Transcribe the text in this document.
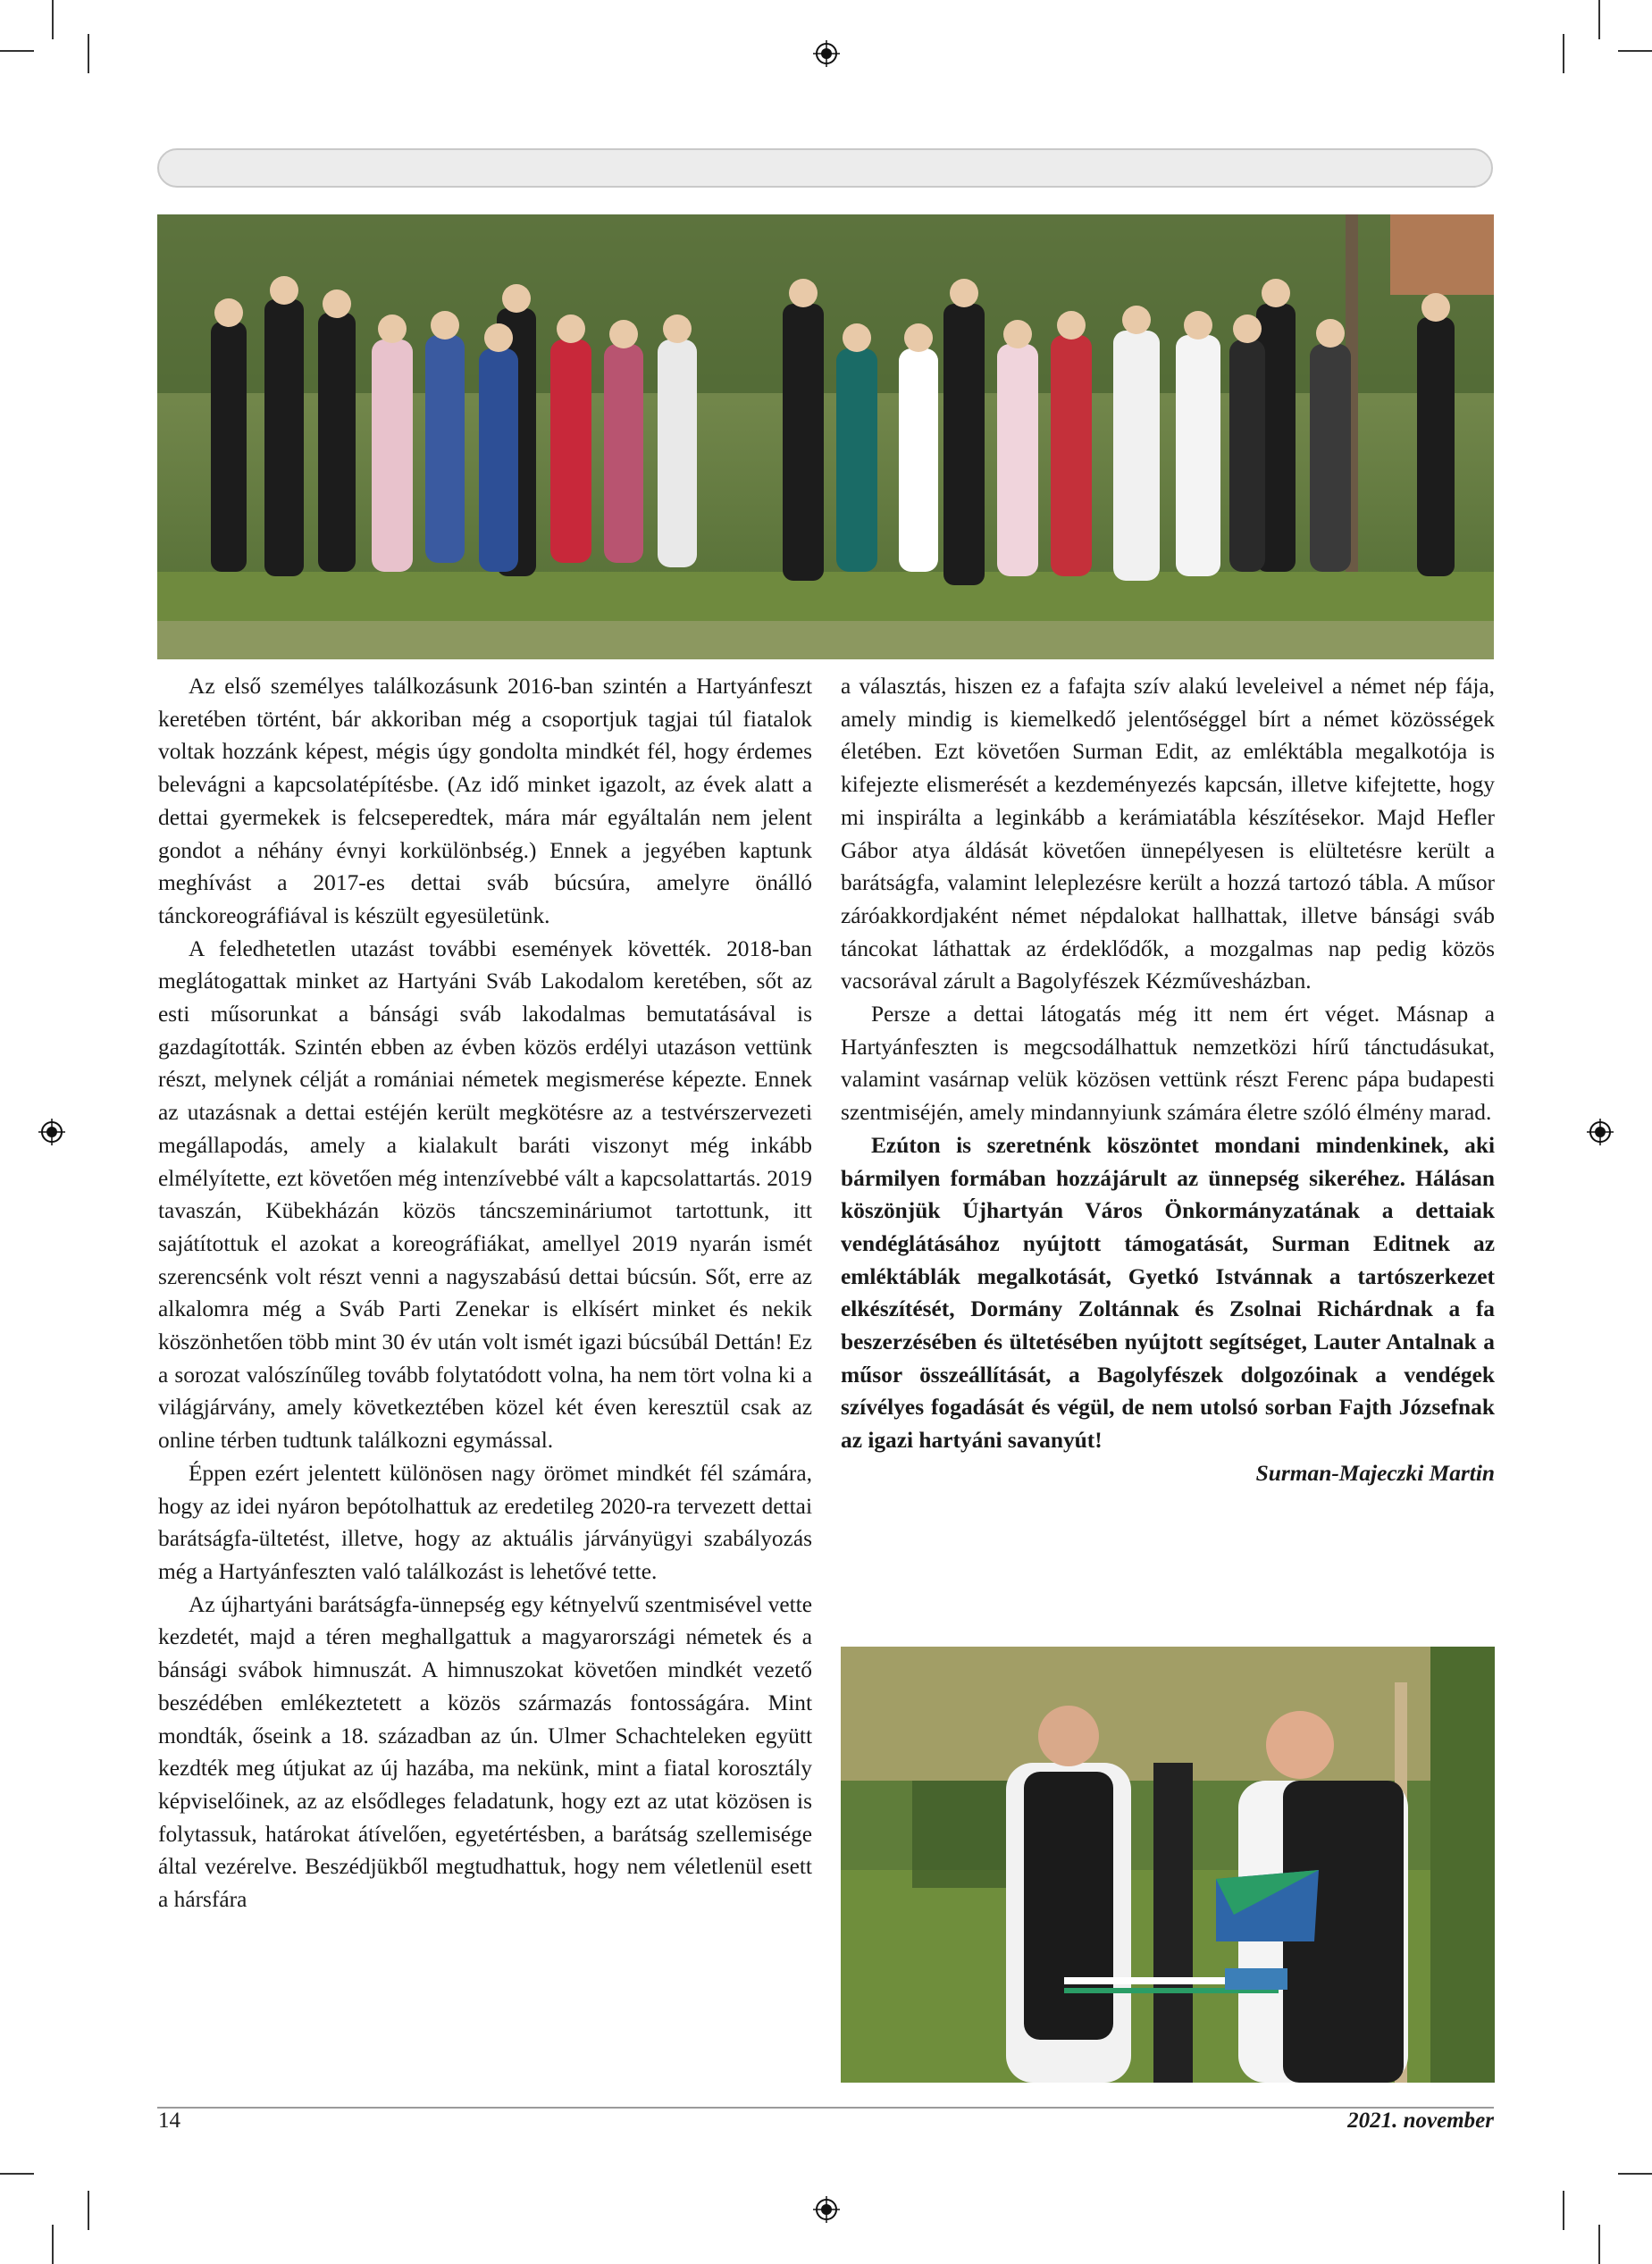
Az első személyes találkozásunk 2016-ban szintén a Hartyánfeszt keretében történt, bár akkoriban még a csoportjuk tagjai túl fiatalok voltak hozzánk képest, mégis úgy gondolta mindkét fél, hogy érdemes belevágni a kapcsolatépítésbe. (Az idő minket igazolt, az évek alatt a dettai gyermekek is felcseperedtek, mára már egyáltalán nem jelent gondot a néhány évnyi korkülönbség.) Ennek a jegyében kaptunk meghívást a 2017-es dettai sváb búcsúra, amelyre önálló tánckoreográfiával is készült egyesületünk.

A feledhetetlen utazást további események követték. 2018-ban meglátogattak minket az Hartyáni Sváb Lakodalom keretében, sőt az esti műsorunkat a bánsági sváb lakodalmas bemutatásával is gazdagították. Szintén ebben az évben közös erdélyi utazáson vettünk részt, melynek célját a romániai németek megismerése képezte. Ennek az utazásnak a dettai estéjén került megkötésre az a testvérszervezeti megállapodás, amely a kialakult baráti viszonyt még inkább elmélyítette, ezt követően még intenzívebbé vált a kapcsolattartás. 2019 tavaszán, Kübekházán közös táncszemináriumot tartottunk, itt sajátítottuk el azokat a koreográfiákat, amellyel 2019 nyarán ismét szerencsénk volt részt venni a nagyszabású dettai búcsún. Sőt, erre az alkalomra még a Sváb Parti Zenekar is elkísért minket és nekik köszönhetően több mint 30 év után volt ismét igazi búcsúbál Dettán! Ez a sorozat valószínűleg tovább folytatódott volna, ha nem tört volna ki a világjárvány, amely következtében közel két éven keresztül csak az online térben tudtunk találkozni egymással.

Éppen ezért jelentett különösen nagy örömet mindkét fél számára, hogy az idei nyáron bepótolhattuk az eredetileg 2020-ra tervezett dettai barátságfa-ültetést, illetve, hogy az aktuális járványügyi szabályozás még a Hartyánfeszten való találkozást is lehetővé tette.

Az újhartyáni barátságfa-ünnepség egy kétnyelvű szentmisével vette kezdetét, majd a téren meghallgattuk a magyarországi németek és a bánsági svábok himnuszát. A himnuszokat követően mindkét vezető beszédében emlékeztetett a közös származás fontosságára. Mint mondták, őseink a 18. században az ún. Ulmer Schachteleken együtt kezdték meg útjukat az új hazába, ma nekünk, mint a fiatal korosztály képviselőinek, az az elsődleges feladatunk, hogy ezt az utat közösen is folytassuk, határokat átívelően, egyetértésben, a barátság szellemisége által vezérelve. Beszédjükből megtudhattuk, hogy nem véletlenül esett a hársfára

a választás, hiszen ez a fafajta szív alakú leveleivel a német nép fája, amely mindig is kiemelkedő jelentőséggel bírt a német közösségek életében. Ezt követően Surman Edit, az emléktábla megalkotója is kifejezte elismerését a kezdeményezés kapcsán, illetve kifejtette, hogy mi inspirálta a leginkább a kerámiatábla készítésekor. Majd Hefler Gábor atya áldását követően ünnepélyesen is elültetésre került a barátságfa, valamint leleplezésre került a hozzá tartozó tábla. A műsor záróakkordjaként német népdalokat hallhattak, illetve bánsági sváb táncokat láthattak az érdeklődők, a mozgalmas nap pedig közös vacsorával zárult a Bagolyfészek Kézművesházban.

Persze a dettai látogatás még itt nem ért véget. Másnap a Hartyánfeszten is megcsodálhattuk nemzetközi hírű tánctudásukat, valamint vasárnap velük közösen vettünk részt Ferenc pápa budapesti szentmiséjén, amely mindannyiunk számára életre szóló élmény marad.

Ezúton is szeretnénk köszöntet mondani mindenkinek, aki bármilyen formában hozzájárult az ünnepség sikeréhez. Hálásan köszönjük Újhartyán Város Önkormányzatának a dettaiak vendéglátásához nyújtott támogatását, Surman Editnek az emléktáblák megalkotását, Gyetkó Istvánnak a tartószerkezet elkészítését, Dormány Zoltánnak és Zsolnai Richárdnak a fa beszerzésében és ültetésében nyújtott segítséget, Lauter Antalnak a műsor összeállítását, a Bagolyfészek dolgozóinak a vendégek szívélyes fogadását és végül, de nem utolsó sorban Fajth Józsefnak az igazi hartyáni savanyút!

Surman-Majeczki Martin

14	2021. november
